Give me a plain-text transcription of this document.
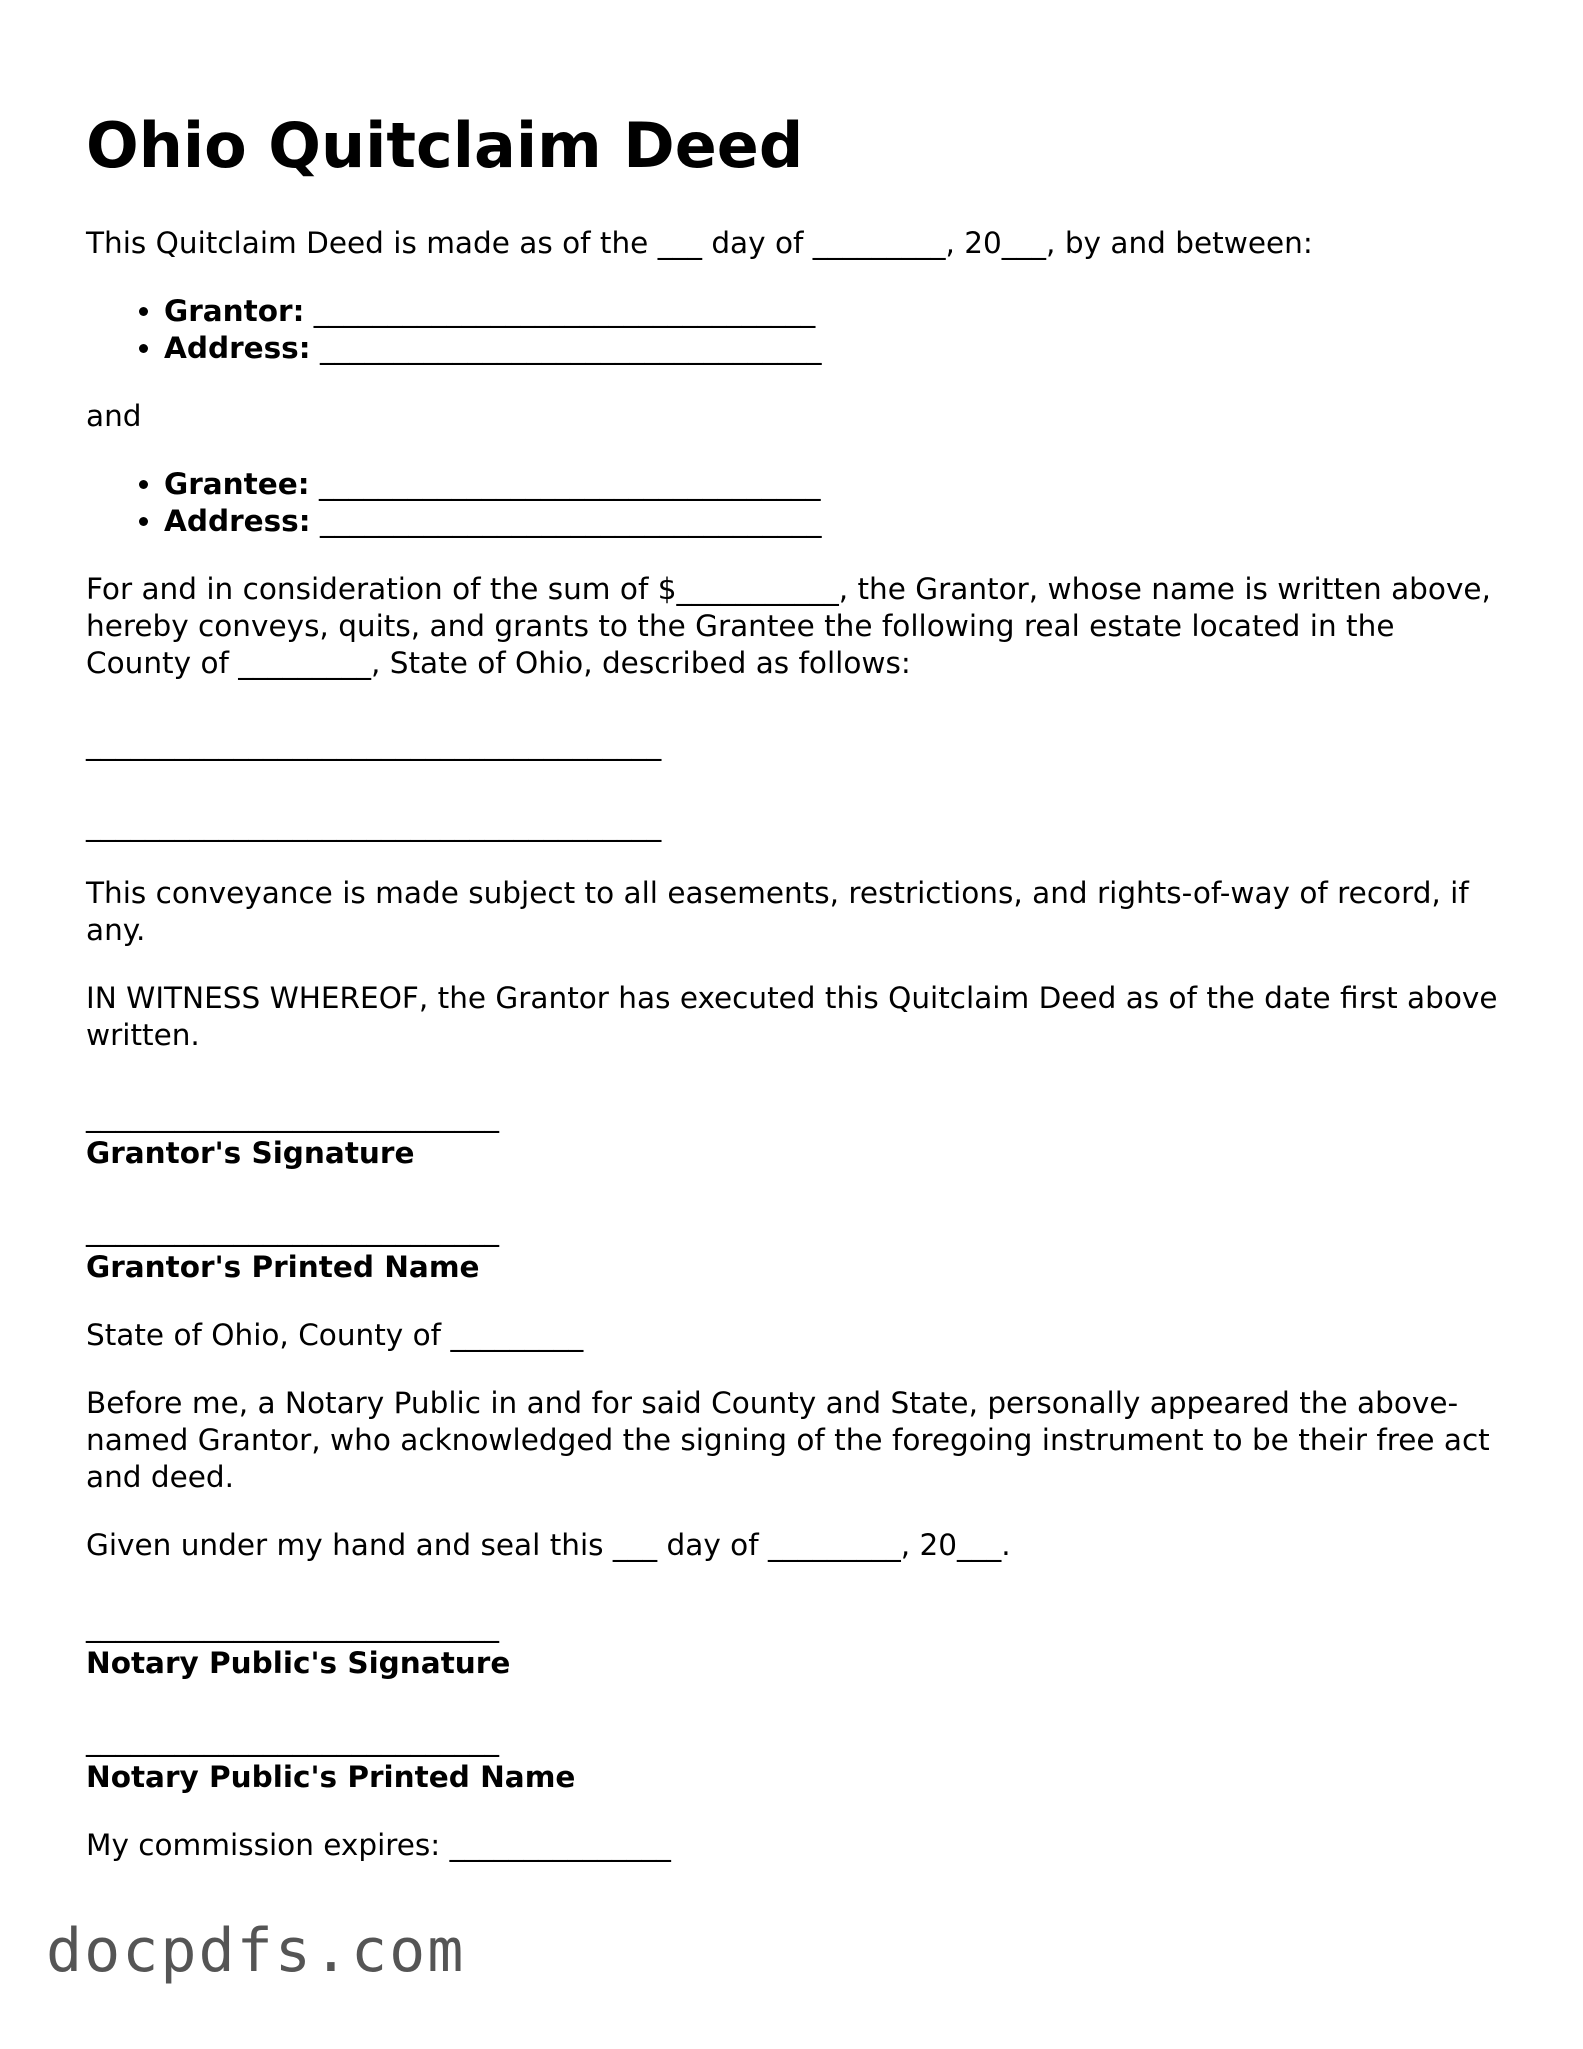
Ohio Quitclaim Deed

This Quitclaim Deed is made as of the ___ day of _________, 20___, by and between:

• Grantor: __________________________________
• Address: __________________________________

and

• Grantee: __________________________________
• Address: __________________________________

For and in consideration of the sum of $___________, the Grantor, whose name is written above, hereby conveys, quits, and grants to the Grantee the following real estate located in the County of _________, State of Ohio, described as follows:

_______________________________________
_______________________________________

This conveyance is made subject to all easements, restrictions, and rights-of-way of record, if any.

IN WITNESS WHEREOF, the Grantor has executed this Quitclaim Deed as of the date first above written.

____________________________
Grantor's Signature
____________________________
Grantor's Printed Name

State of Ohio, County of _________

Before me, a Notary Public in and for said County and State, personally appeared the above-named Grantor, who acknowledged the signing of the foregoing instrument to be their free act and deed.

Given under my hand and seal this ___ day of _________, 20___.

____________________________
Notary Public's Signature
____________________________
Notary Public's Printed Name

My commission expires: _______________

docpdfs.com
